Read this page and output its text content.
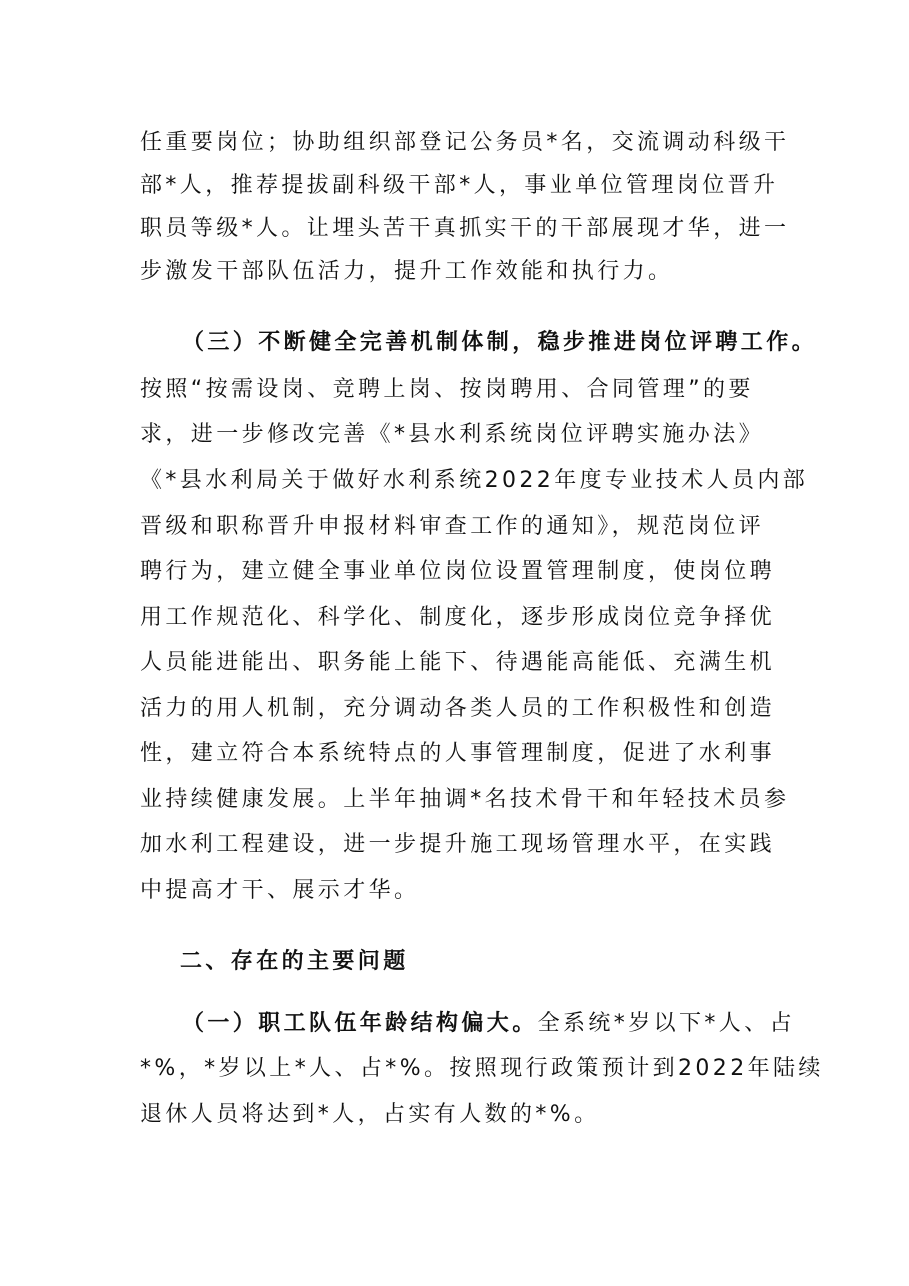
任重要岗位；协助组织部登记公务员*名，交流调动科级干
部*人，推荐提拔副科级干部*人，事业单位管理岗位晋升
职员等级*人。让埋头苦干真抓实干的干部展现才华，进一
步激发干部队伍活力，提升工作效能和执行力。
（三）不断健全完善机制体制，稳步推进岗位评聘工作。
按照“按需设岗、竞聘上岗、按岗聘用、合同管理”的要
求，进一步修改完善《*县水利系统岗位评聘实施办法》
《*县水利局关于做好水利系统2022年度专业技术人员内部
晋级和职称晋升申报材料审查工作的通知》，规范岗位评
聘行为，建立健全事业单位岗位设置管理制度，使岗位聘
用工作规范化、科学化、制度化，逐步形成岗位竞争择优
人员能进能出、职务能上能下、待遇能高能低、充满生机
活力的用人机制，充分调动各类人员的工作积极性和创造
性，建立符合本系统特点的人事管理制度，促进了水利事
业持续健康发展。上半年抽调*名技术骨干和年轻技术员参
加水利工程建设，进一步提升施工现场管理水平，在实践
中提高才干、展示才华。
二、存在的主要问题
（一）职工队伍年龄结构偏大。全系统*岁以下*人、占
*%，*岁以上*人、占*%。按照现行政策预计到2022年陆续
退休人员将达到*人，占实有人数的*%。
